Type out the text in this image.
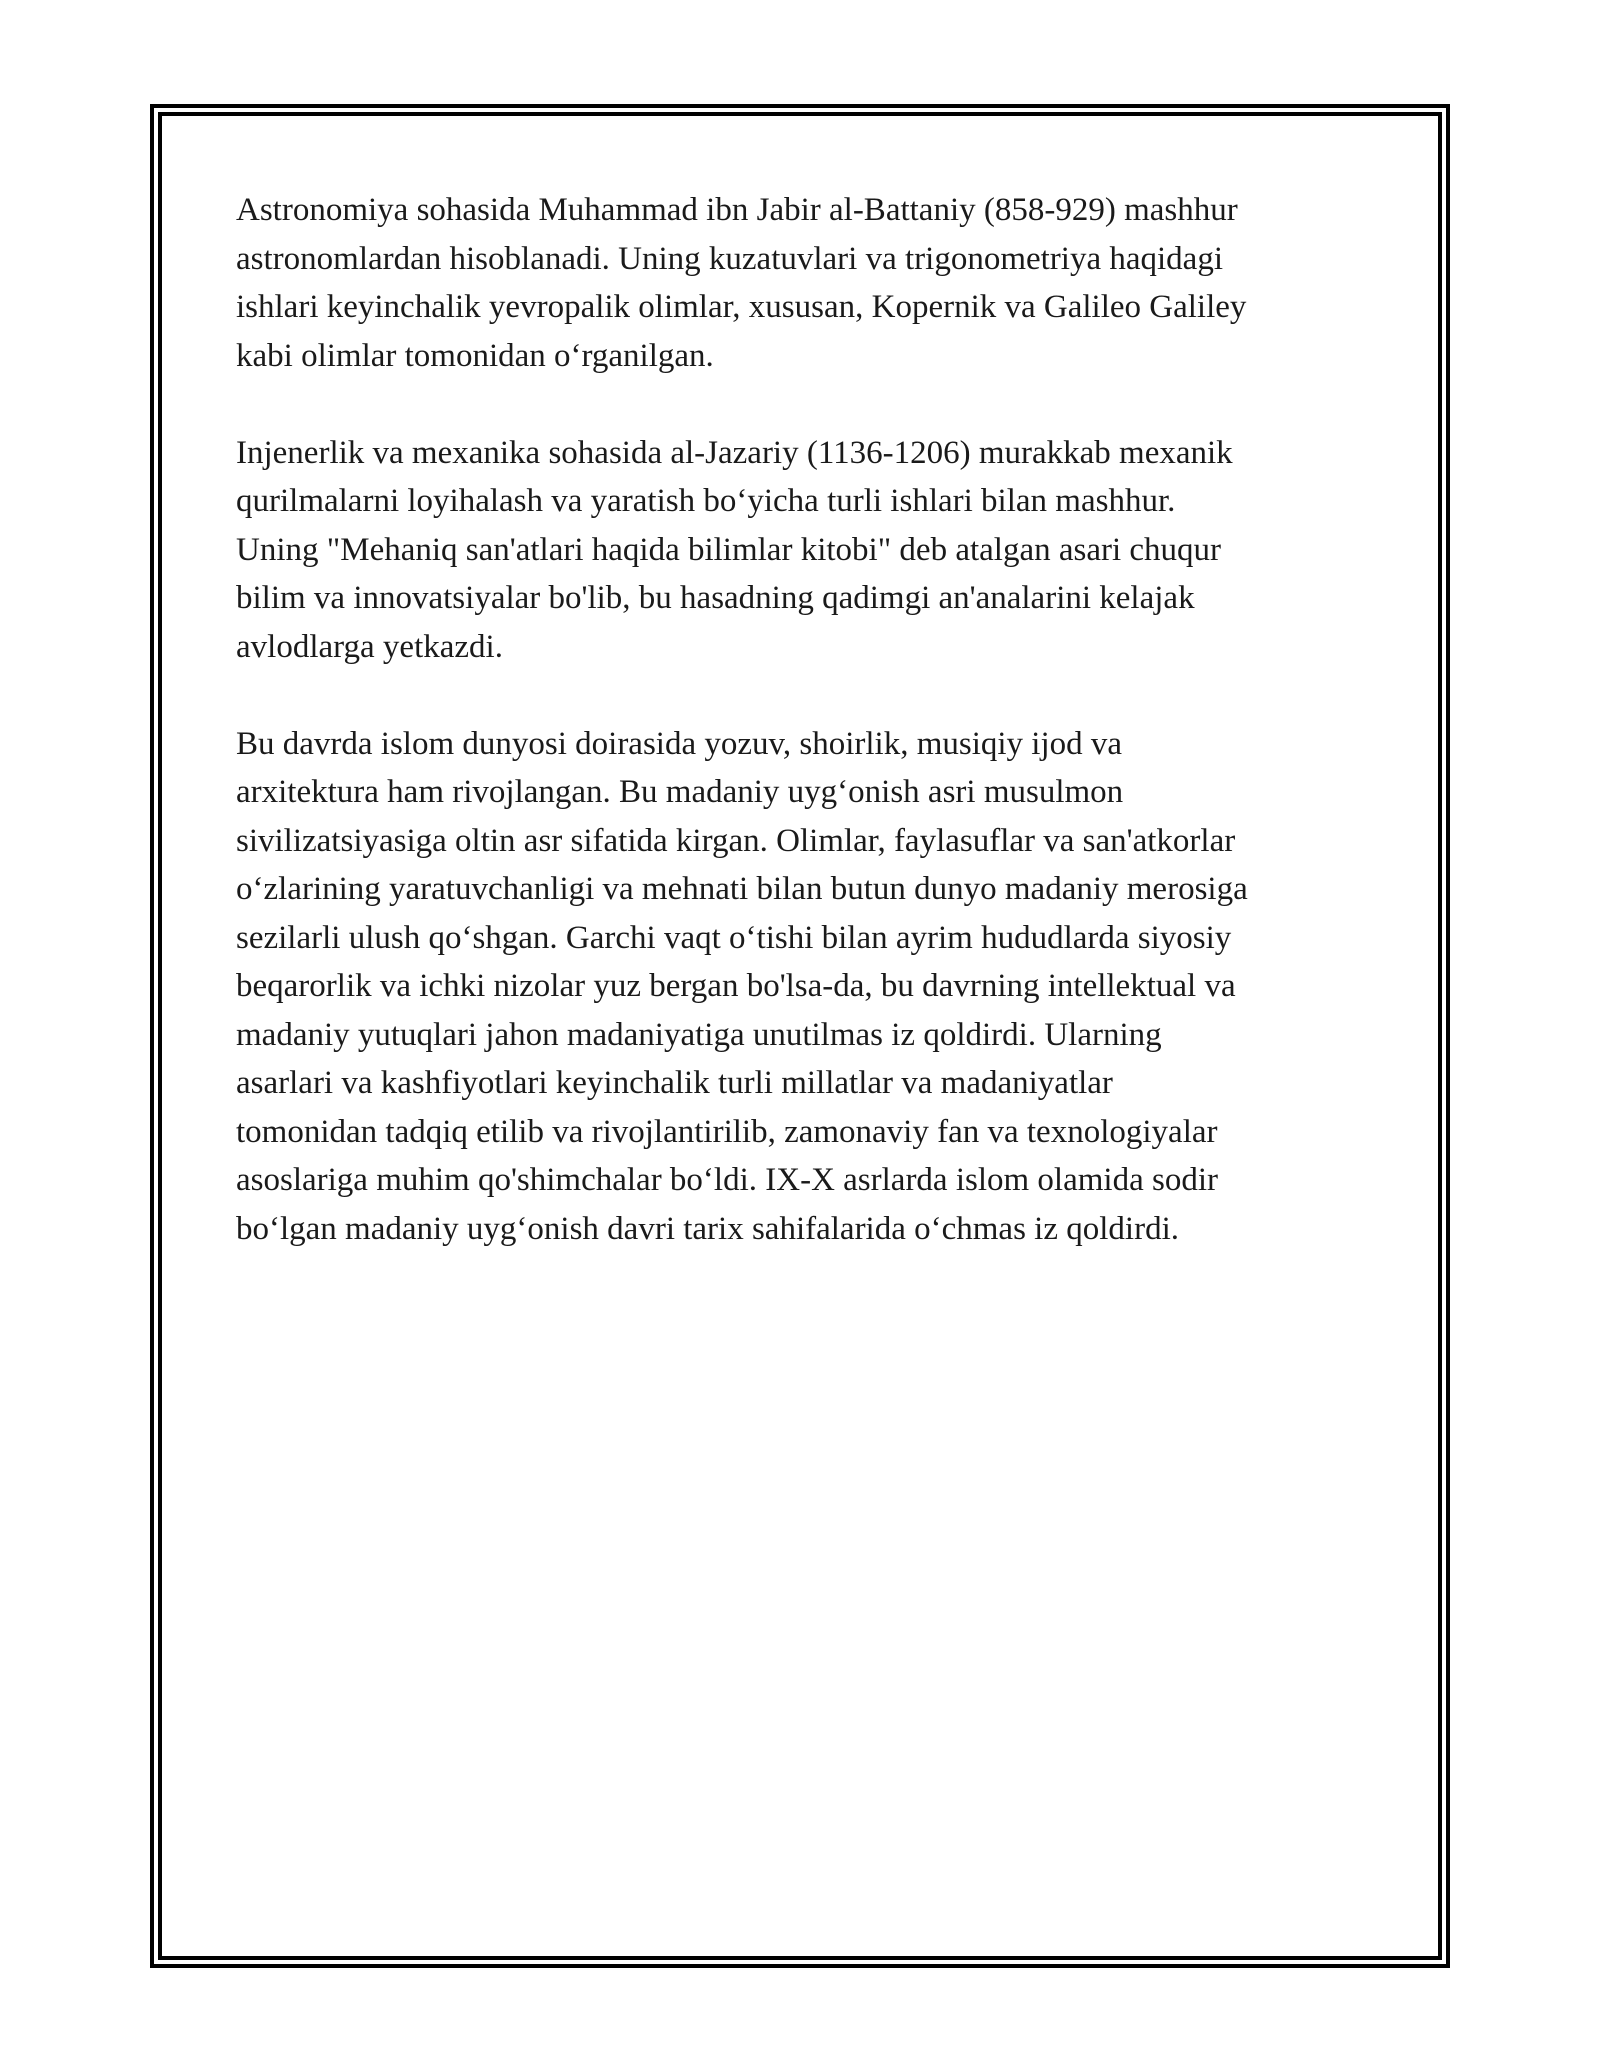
Astronomiya sohasida Muhammad ibn Jabir al-Battaniy (858-929) mashhur
astronomlardan hisoblanadi. Uning kuzatuvlari va trigonometriya haqidagi
ishlari keyinchalik yevropalik olimlar, xususan, Kopernik va Galileo Galiley
kabi olimlar tomonidan o‘rganilgan.

Injenerlik va mexanika sohasida al-Jazariy (1136-1206) murakkab mexanik
qurilmalarni loyihalash va yaratish bo‘yicha turli ishlari bilan mashhur.
Uning "Mehaniq san'atlari haqida bilimlar kitobi" deb atalgan asari chuqur
bilim va innovatsiyalar bo'lib, bu hasadning qadimgi an'analarini kelajak
avlodlarga yetkazdi.

Bu davrda islom dunyosi doirasida yozuv, shoirlik, musiqiy ijod va
arxitektura ham rivojlangan. Bu madaniy uyg‘onish asri musulmon
sivilizatsiyasiga oltin asr sifatida kirgan. Olimlar, faylasuflar va san'atkorlar
o‘zlarining yaratuvchanligi va mehnati bilan butun dunyo madaniy merosiga
sezilarli ulush qo‘shgan. Garchi vaqt o‘tishi bilan ayrim hududlarda siyosiy
beqarorlik va ichki nizolar yuz bergan bo'lsa-da, bu davrning intellektual va
madaniy yutuqlari jahon madaniyatiga unutilmas iz qoldirdi. Ularning
asarlari va kashfiyotlari keyinchalik turli millatlar va madaniyatlar
tomonidan tadqiq etilib va rivojlantirilib, zamonaviy fan va texnologiyalar
asoslariga muhim qo'shimchalar bo‘ldi. IX-X asrlarda islom olamida sodir
bo‘lgan madaniy uyg‘onish davri tarix sahifalarida o‘chmas iz qoldirdi.
